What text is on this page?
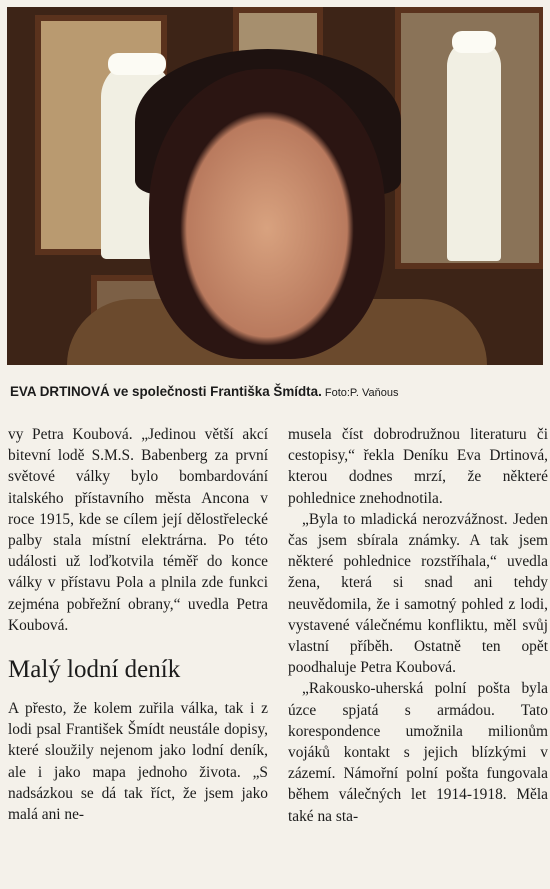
EVA DRTINOVÁ ve společnosti Františka Šmídta. Foto:P. Vaňous

vy Petra Koubová. „Jedinou větší akcí bitevní lodě S.M.S. Babenberg za první světové války bylo bombardování italského přístavního města Ancona v roce 1915, kde se cílem její dělostřelecké palby stala místní elektrárna. Po této události už loďkotvila téměř do konce války v přístavu Pola a plnila zde funkci zejména pobřežní obrany,“ uvedla Petra Koubová.

Malý lodní deník

A přesto, že kolem zuřila válka, tak i z lodi psal František Šmídt neustále dopisy, které sloužily nejenom jako lodní deník, ale i jako mapa jednoho života. „S nadsázkou se dá tak říct, že jsem jako malá ani ne-

musela číst dobrodružnou literaturu či cestopisy,“ řekla Deníku Eva Drtinová, kterou dodnes mrzí, že některé pohlednice znehodnotila.

„Byla to mladická nerozvážnost. Jeden čas jsem sbírala známky. A tak jsem některé pohlednice rozstříhala,“ uvedla žena, která si snad ani tehdy neuvědomila, že i samotný pohled z lodi, vystavené válečnému konfliktu, měl svůj vlastní příběh. Ostatně ten opět poodhaluje Petra Koubová.

„Rakousko-uherská polní pošta byla úzce spjatá s armádou. Tato korespondence umožnila milionům vojáků kontakt s jejich blízkými v zázemí. Námořní polní pošta fungovala během válečných let 1914-1918. Měla také na sta-
